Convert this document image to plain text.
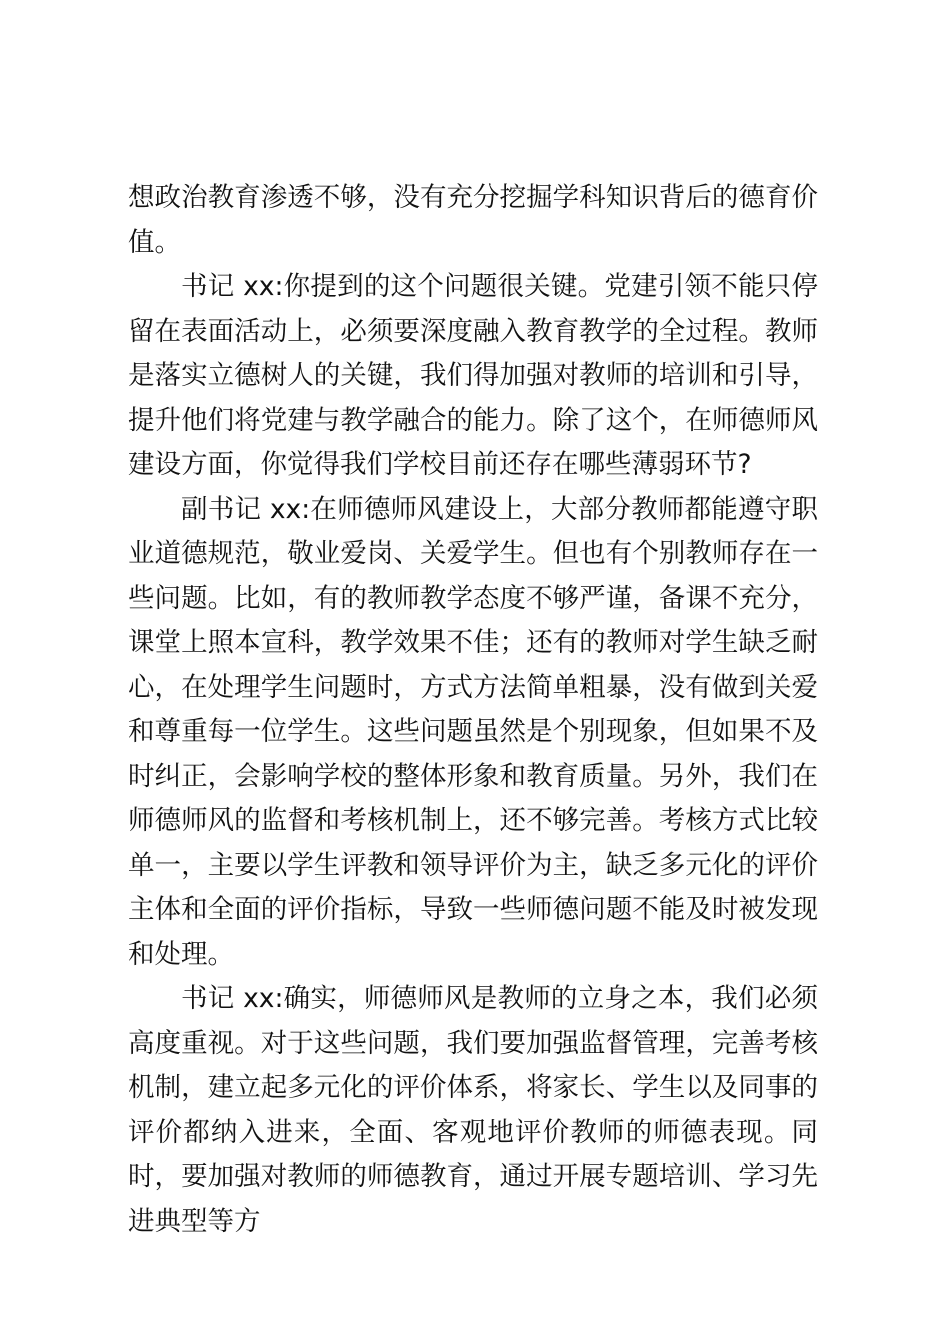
想政治教育渗透不够，没有充分挖掘学科知识背后的德育价值。

书记 xx:你提到的这个问题很关键。党建引领不能只停留在表面活动上，必须要深度融入教育教学的全过程。教师是落实立德树人的关键，我们得加强对教师的培训和引导，提升他们将党建与教学融合的能力。除了这个，在师德师风建设方面，你觉得我们学校目前还存在哪些薄弱环节?

副书记 xx:在师德师风建设上，大部分教师都能遵守职业道德规范，敬业爱岗、关爱学生。但也有个别教师存在一些问题。比如，有的教师教学态度不够严谨，备课不充分，课堂上照本宣科，教学效果不佳；还有的教师对学生缺乏耐心，在处理学生问题时，方式方法简单粗暴，没有做到关爱和尊重每一位学生。这些问题虽然是个别现象，但如果不及时纠正，会影响学校的整体形象和教育质量。另外，我们在师德师风的监督和考核机制上，还不够完善。考核方式比较单一，主要以学生评教和领导评价为主，缺乏多元化的评价主体和全面的评价指标，导致一些师德问题不能及时被发现和处理。

书记 xx:确实，师德师风是教师的立身之本，我们必须高度重视。对于这些问题，我们要加强监督管理，完善考核机制，建立起多元化的评价体系，将家长、学生以及同事的评价都纳入进来，全面、客观地评价教师的师德表现。同时，要加强对教师的师德教育，通过开展专题培训、学习先进典型等方
